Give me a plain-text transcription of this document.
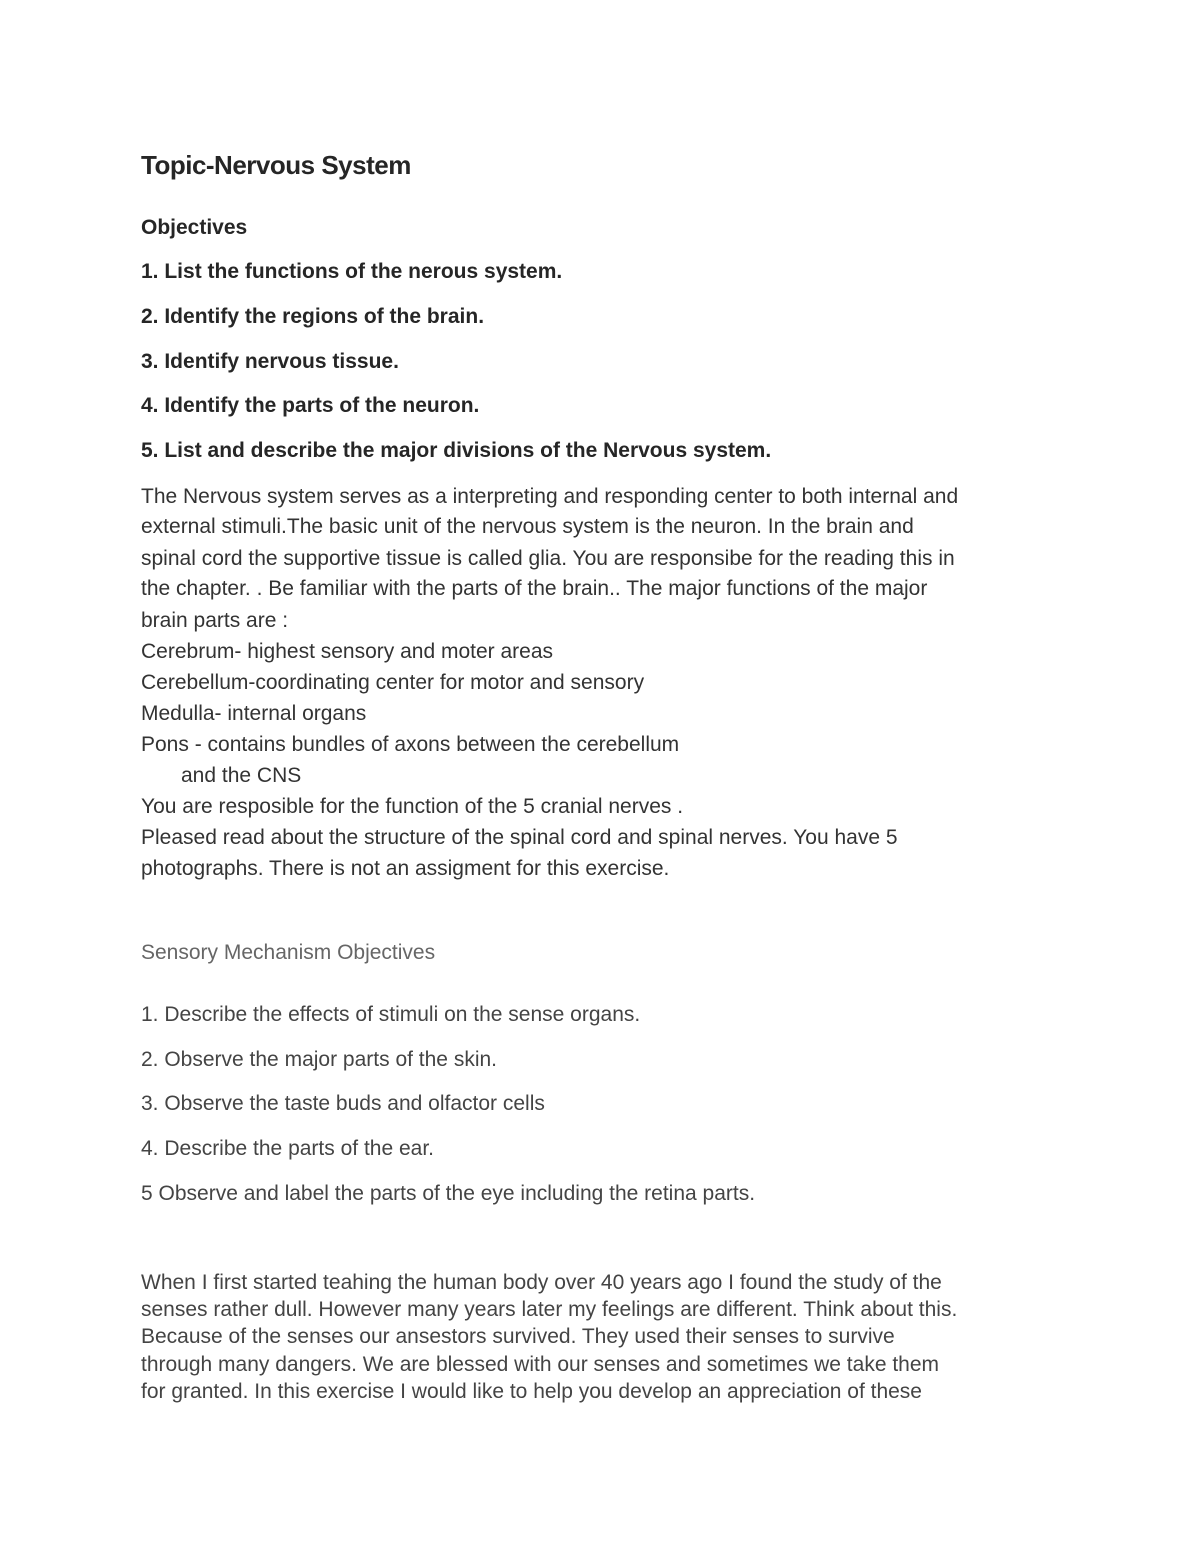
Topic-Nervous System
Objectives
1. List the functions of the nerous system.
2. Identify the regions of the brain.
3. Identify nervous tissue.
4. Identify the parts of the neuron.
5. List and describe the major divisions of the Nervous system.
The Nervous system serves as a interpreting and responding center to both internal and
external stimuli.The basic unit of the nervous system is the neuron. In the brain and
spinal cord the supportive tissue is called glia. You are responsibe for the reading this in
the chapter. . Be familiar with the parts of the brain.. The major functions of the major
brain parts are :
Cerebrum- highest sensory and moter areas
Cerebellum-coordinating center for motor and sensory
Medulla- internal organs
Pons - contains bundles of axons between the cerebellum
and the CNS
You are resposible for the function of the 5 cranial nerves .
Pleased read about the structure of the spinal cord and spinal nerves. You have 5
photographs. There is not an assigment for this exercise.
Sensory Mechanism Objectives
1. Describe the effects of stimuli on the sense organs.
2. Observe the major parts of the skin.
3. Observe the taste buds and olfactor cells
4. Describe the parts of the ear.
5 Observe and label the parts of the eye including the retina parts.
When I first started teahing the human body over 40 years ago I found the study of the
senses rather dull. However many years later my feelings are different. Think about this.
Because of the senses our ansestors survived. They used their senses to survive
through many dangers. We are blessed with our senses and sometimes we take them
for granted. In this exercise I would like to help you develop an appreciation of these
